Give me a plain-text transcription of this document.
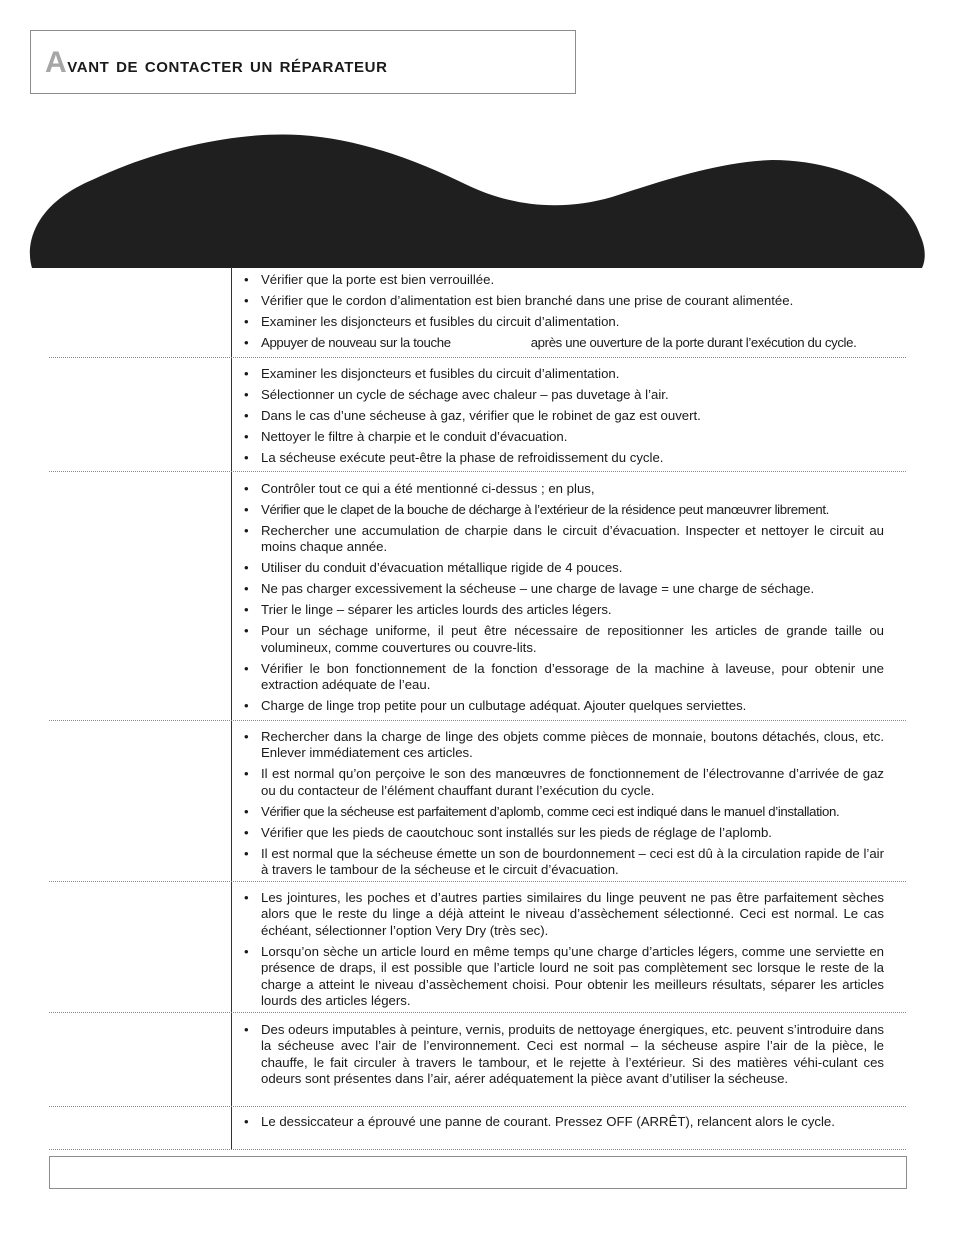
Avant de contacter un réparateur
• Vérifier que la porte est bien verrouillée.
• Vérifier que le cordon d’alimentation est bien branché dans une prise de courant alimentée.
• Examiner les disjoncteurs et fusibles du circuit d’alimentation.
• Appuyer de nouveau sur la touche	après une ouverture de la porte durant l’exécution du cycle.
• Examiner les disjoncteurs et fusibles du circuit d’alimentation.
• Sélectionner un cycle de séchage avec chaleur – pas duvetage à l’air.
• Dans le cas d’une sécheuse à gaz, vérifier que le robinet de gaz est ouvert.
• Nettoyer le filtre à charpie et le conduit d’évacuation.
• La sécheuse exécute peut-être la phase de refroidissement du cycle.
• Contrôler tout ce qui a été mentionné ci-dessus ; en plus,
• Vérifier que le clapet de la bouche de décharge à l’extérieur de la résidence peut manœuvrer librement.
• Rechercher une accumulation de charpie dans le circuit d’évacuation. Inspecter et nettoyer le circuit au moins chaque année.
• Utiliser du conduit d’évacuation métallique rigide de 4 pouces.
• Ne pas charger excessivement la sécheuse – une charge de lavage = une charge de séchage.
• Trier le linge – séparer les articles lourds des articles légers.
• Pour un séchage uniforme, il peut être nécessaire de repositionner les articles de grande taille ou volumineux, comme couvertures ou couvre-lits.
• Vérifier le bon fonctionnement de la fonction d’essorage de la machine à laveuse, pour obtenir une extraction adéquate de l’eau.
• Charge de linge trop petite pour un culbutage adéquat. Ajouter quelques serviettes.
• Rechercher dans la charge de linge des objets comme pièces de monnaie, boutons détachés, clous, etc. Enlever immédiatement ces articles.
• Il est normal qu’on perçoive le son des manœuvres de fonctionnement de l’électrovanne d’arrivée de gaz ou du contacteur de l’élément chauffant durant l’exécution du cycle.
• Vérifier que la sécheuse est parfaitement d’aplomb, comme ceci est indiqué dans le manuel d’installation.
• Vérifier que les pieds de caoutchouc sont installés sur les pieds de réglage de l’aplomb.
• Il est normal que la sécheuse émette un son de bourdonnement – ceci est dû à la circulation rapide de l’air à travers le tambour de la sécheuse et le circuit d’évacuation.
• Les jointures, les poches et d’autres parties similaires du linge peuvent ne pas être parfaitement sèches alors que le reste du linge a déjà atteint le niveau d’assèchement sélectionné. Ceci est normal. Le cas échéant, sélectionner l’option Very Dry (très sec).
• Lorsqu’on sèche un article lourd en même temps qu’une charge d’articles légers, comme une serviette en présence de draps, il est possible que l’article lourd ne soit pas complètement sec lorsque le reste de la charge a atteint le niveau d’assèchement choisi. Pour obtenir les meilleurs résultats, séparer les articles lourds des articles légers.
• Des odeurs imputables à peinture, vernis, produits de nettoyage énergiques, etc. peuvent s’introduire dans la sécheuse avec l’air de l’environnement. Ceci est normal – la sécheuse aspire l’air de la pièce, le chauffe, le fait circuler à travers le tambour, et le rejette à l’extérieur. Si des matières véhi-culant ces odeurs sont présentes dans l’air, aérer adéquatement la pièce avant d’utiliser la sécheuse.
• Le dessiccateur a éprouvé une panne de courant. Pressez OFF (ARRÊT), relancent alors le cycle.
